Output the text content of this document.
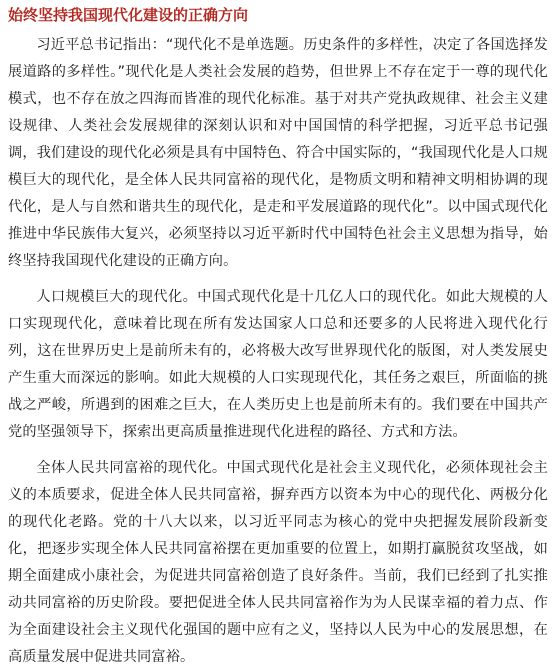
始终坚持我国现代化建设的正确方向

习近平总书记指出：“现代化不是单选题。历史条件的多样性，决定了各国选择发展道路的多样性。”现代化是人类社会发展的趋势，但世界上不存在定于一尊的现代化模式，也不存在放之四海而皆准的现代化标准。基于对共产党执政规律、社会主义建设规律、人类社会发展规律的深刻认识和对中国国情的科学把握，习近平总书记强调，我们建设的现代化必须是具有中国特色、符合中国实际的，“我国现代化是人口规模巨大的现代化，是全体人民共同富裕的现代化，是物质文明和精神文明相协调的现代化，是人与自然和谐共生的现代化，是走和平发展道路的现代化”。以中国式现代化推进中华民族伟大复兴，必须坚持以习近平新时代中国特色社会主义思想为指导，始终坚持我国现代化建设的正确方向。

人口规模巨大的现代化。中国式现代化是十几亿人口的现代化。如此大规模的人口实现现代化，意味着比现在所有发达国家人口总和还要多的人民将进入现代化行列，这在世界历史上是前所未有的，必将极大改写世界现代化的版图，对人类发展史产生重大而深远的影响。如此大规模的人口实现现代化，其任务之艰巨，所面临的挑战之严峻，所遇到的困难之巨大，在人类历史上也是前所未有的。我们要在中国共产党的坚强领导下，探索出更高质量推进现代化进程的路径、方式和方法。

全体人民共同富裕的现代化。中国式现代化是社会主义现代化，必须体现社会主义的本质要求，促进全体人民共同富裕，摒弃西方以资本为中心的现代化、两极分化的现代化老路。党的十八大以来，以习近平同志为核心的党中央把握发展阶段新变化，把逐步实现全体人民共同富裕摆在更加重要的位置上，如期打赢脱贫攻坚战，如期全面建成小康社会，为促进共同富裕创造了良好条件。当前，我们已经到了扎实推动共同富裕的历史阶段。要把促进全体人民共同富裕作为为人民谋幸福的着力点、作为全面建设社会主义现代化强国的题中应有之义，坚持以人民为中心的发展思想，在高质量发展中促进共同富裕。
